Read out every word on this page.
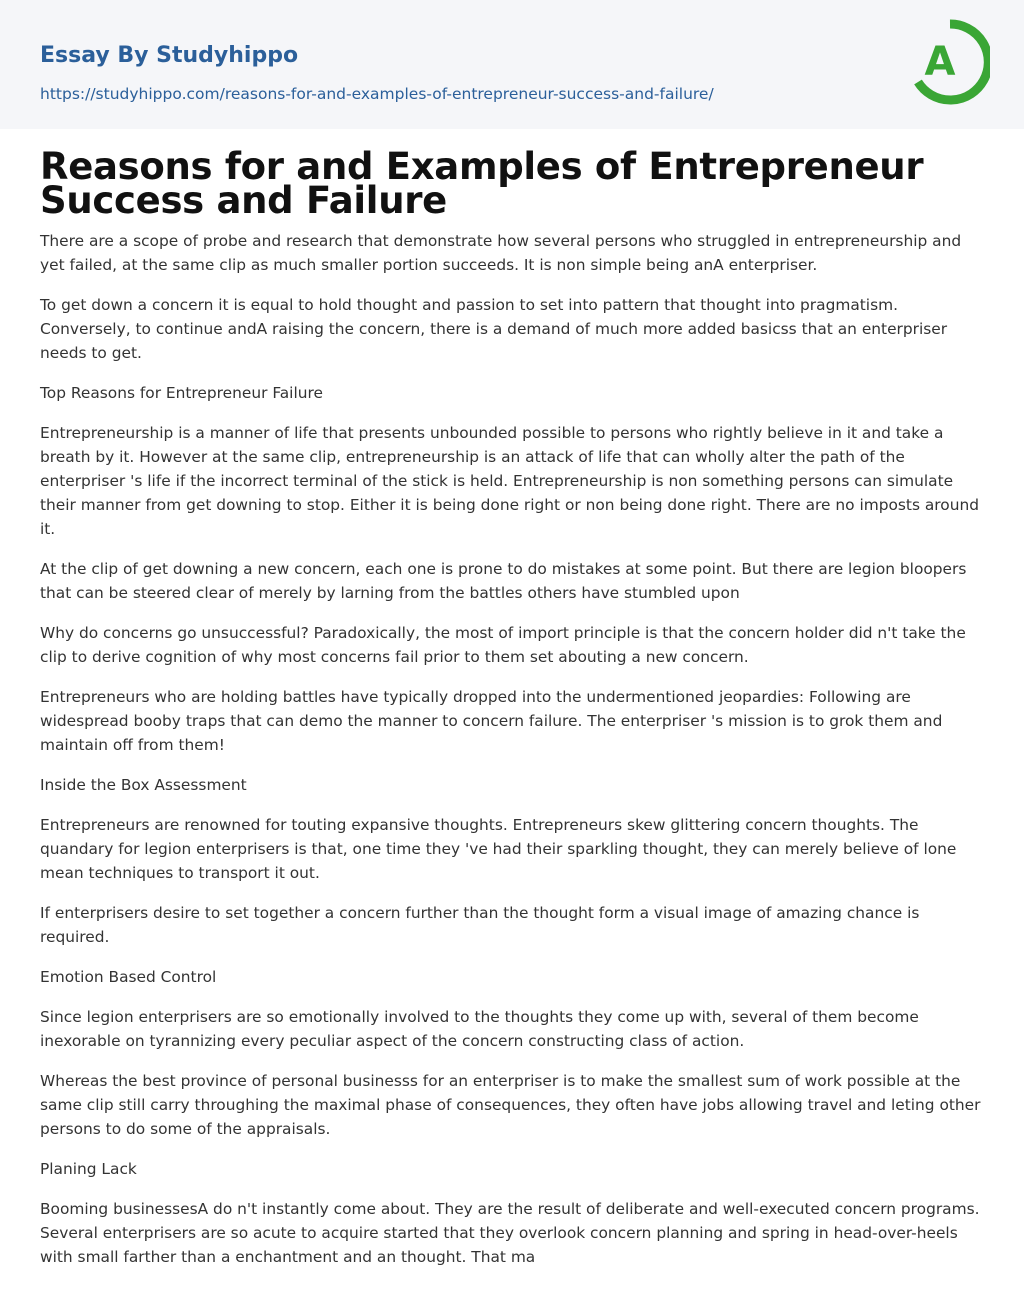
Essay By Studyhippo
https://studyhippo.com/reasons-for-and-examples-of-entrepreneur-success-and-failure/
A
Reasons for and Examples of Entrepreneur Success and Failure

There are a scope of probe and research that demonstrate how several persons who struggled in entrepreneurship and yet failed, at the same clip as much smaller portion succeeds. It is non simple being anA enterpriser.

To get down a concern it is equal to hold thought and passion to set into pattern that thought into pragmatism. Conversely, to continue andA raising the concern, there is a demand of much more added basicss that an enterpriser needs to get.

Top Reasons for Entrepreneur Failure

Entrepreneurship is a manner of life that presents unbounded possible to persons who rightly believe in it and take a breath by it. However at the same clip, entrepreneurship is an attack of life that can wholly alter the path of the enterpriser 's life if the incorrect terminal of the stick is held. Entrepreneurship is non something persons can simulate their manner from get downing to stop. Either it is being done right or non being done right. There are no imposts around it.

At the clip of get downing a new concern, each one is prone to do mistakes at some point. But there are legion bloopers that can be steered clear of merely by larning from the battles others have stumbled upon

Why do concerns go unsuccessful? Paradoxically, the most of import principle is that the concern holder did n't take the clip to derive cognition of why most concerns fail prior to them set abouting a new concern.

Entrepreneurs who are holding battles have typically dropped into the undermentioned jeopardies: Following are widespread booby traps that can demo the manner to concern failure. The enterpriser 's mission is to grok them and maintain off from them!

Inside the Box Assessment

Entrepreneurs are renowned for touting expansive thoughts. Entrepreneurs skew glittering concern thoughts. The quandary for legion enterprisers is that, one time they 've had their sparkling thought, they can merely believe of lone mean techniques to transport it out.

If enterprisers desire to set together a concern further than the thought form a visual image of amazing chance is required.

Emotion Based Control

Since legion enterprisers are so emotionally involved to the thoughts they come up with, several of them become inexorable on tyrannizing every peculiar aspect of the concern constructing class of action.

Whereas the best province of personal businesss for an enterpriser is to make the smallest sum of work possible at the same clip still carry throughing the maximal phase of consequences, they often have jobs allowing travel and leting other persons to do some of the appraisals.

Planing Lack

Booming businessesA do n't instantly come about. They are the result of deliberate and well-executed concern programs. Several enterprisers are so acute to acquire started that they overlook concern planning and spring in head-over-heels with small farther than a enchantment and an thought. That ma
